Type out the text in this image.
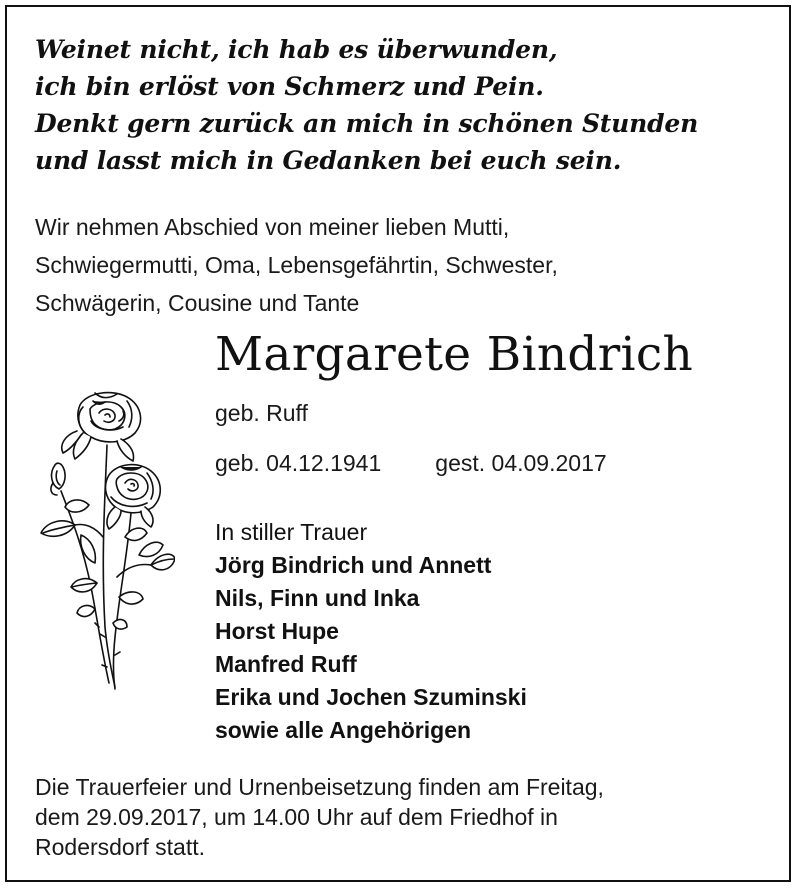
Weinet nicht, ich hab es überwunden,
ich bin erlöst von Schmerz und Pein.
Denkt gern zurück an mich in schönen Stunden
und lasst mich in Gedanken bei euch sein.
Wir nehmen Abschied von meiner lieben Mutti,
Schwiegermutti, Oma, Lebensgefährtin, Schwester,
Schwägerin, Cousine und Tante
Margarete Bindrich
geb. Ruff
geb. 04.12.1941 gest. 04.09.2017
In stiller Trauer
Jörg Bindrich und Annett
Nils, Finn und Inka
Horst Hupe
Manfred Ruff
Erika und Jochen Szuminski
sowie alle Angehörigen
Die Trauerfeier und Urnenbeisetzung finden am Freitag,
dem 29.09.2017, um 14.00 Uhr auf dem Friedhof in
Rodersdorf statt.
